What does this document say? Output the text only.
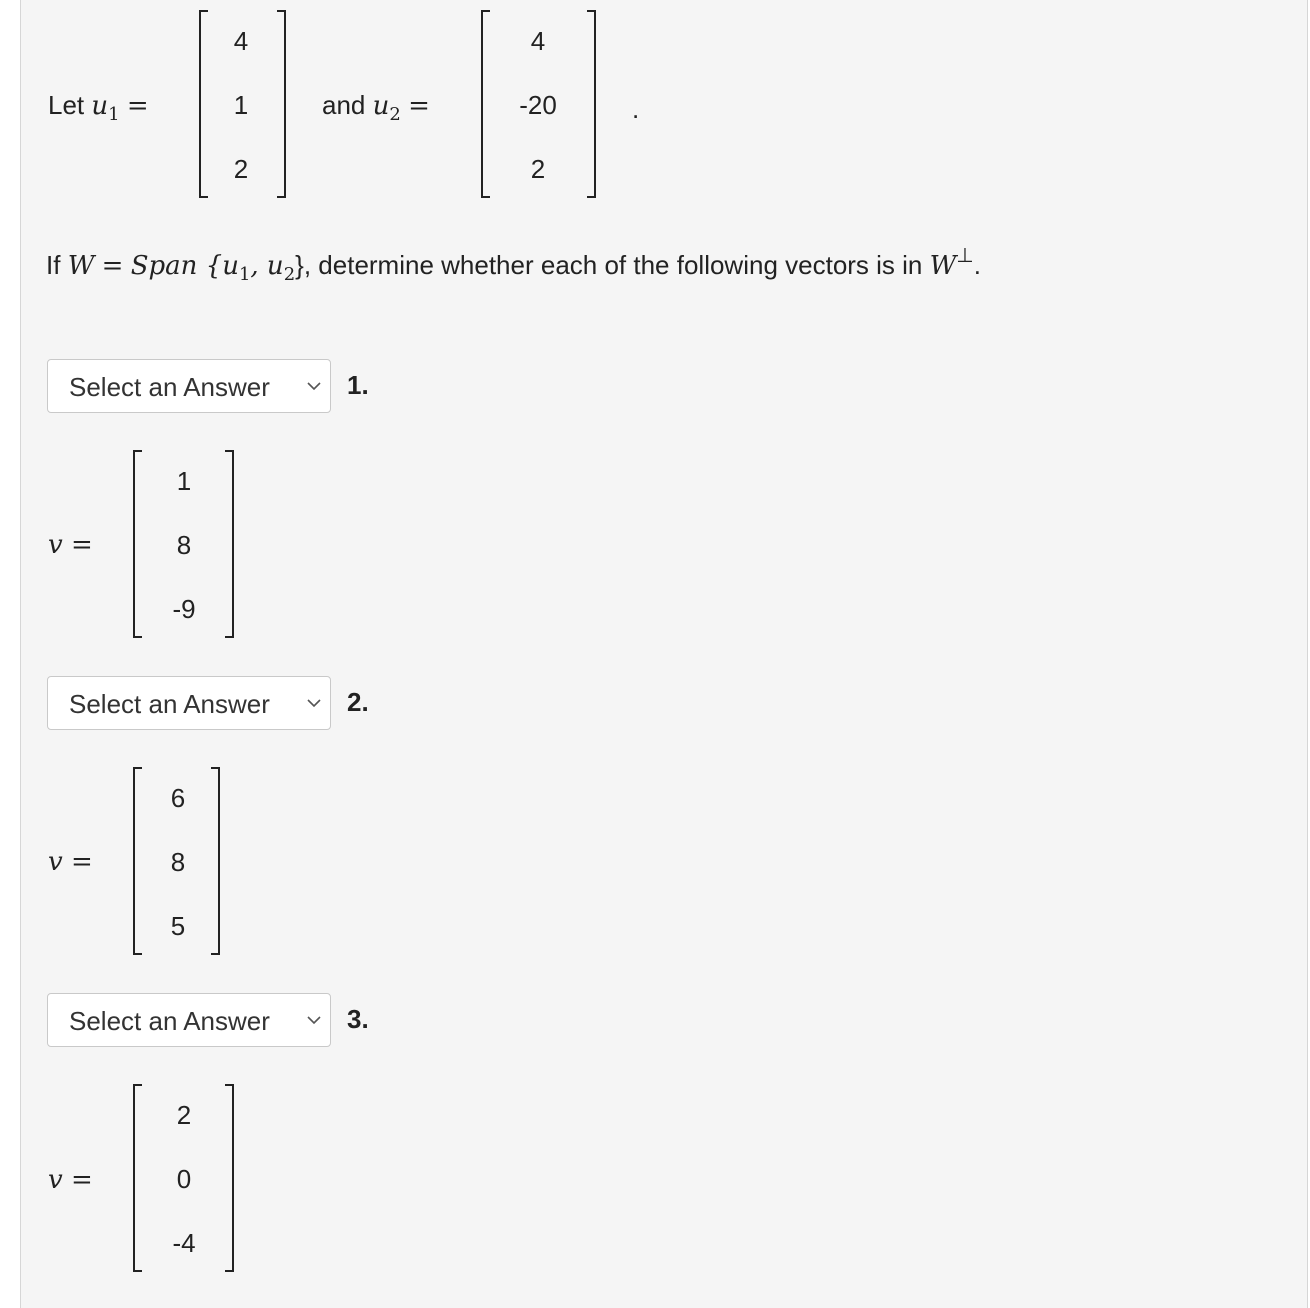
Let $u_1$ =
4
1
2
and $u_2$ =
4
-20
2
.
If W = Span {$u_1$, $u_2$}, determine whether each of the following vectors is in W⊥.
Select an Answer	1.
v =
1
8
-9
Select an Answer	2.
v =
6
8
5
Select an Answer	3.
v =
2
0
-4
